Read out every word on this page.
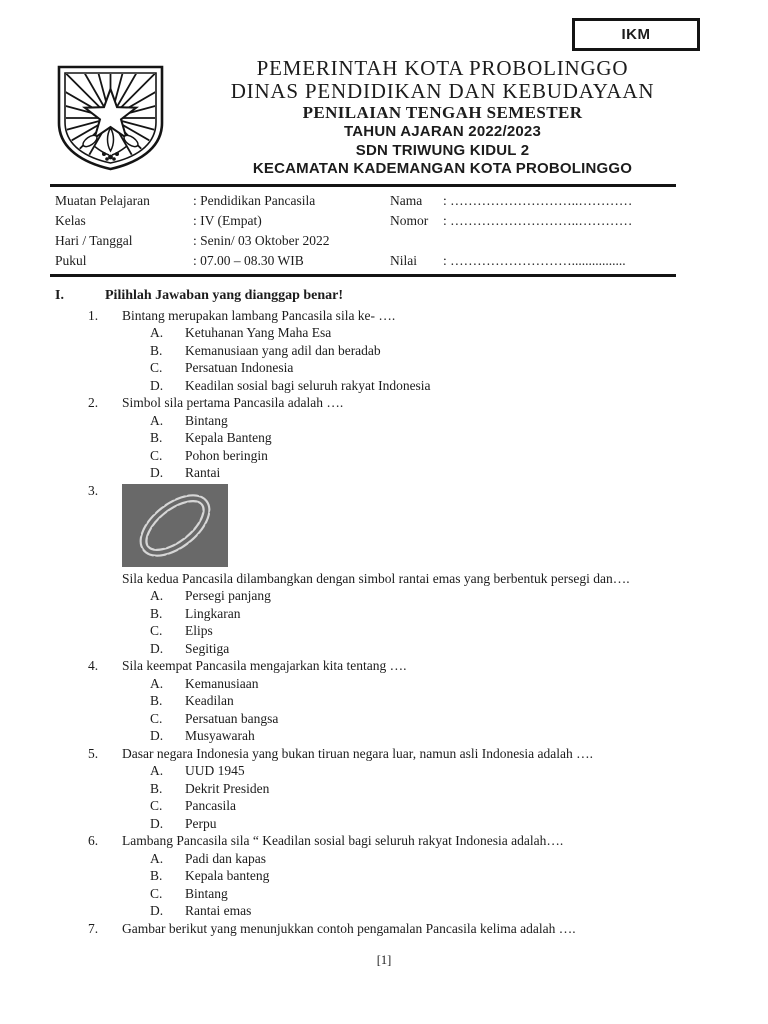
IKM
PEMERINTAH KOTA PROBOLINGGO
DINAS PENDIDIKAN DAN KEBUDAYAAN
PENILAIAN TENGAH SEMESTER
TAHUN AJARAN 2022/2023
SDN TRIWUNG KIDUL 2
KECAMATAN KADEMANGAN KOTA PROBOLINGGO
Muatan Pelajaran	: Pendidikan Pancasila	Nama	: ………………………..…………
Kelas	: IV (Empat)	Nomor	: ………………………..…………
Hari / Tanggal	: Senin/ 03 Oktober 2022
Pukul	: 07.00 – 08.30 WIB	Nilai	: ………………………................
I.	Pilihlah Jawaban yang dianggap benar!
1.	Bintang merupakan lambang Pancasila sila ke- ….
A.	Ketuhanan Yang Maha Esa
B.	Kemanusiaan yang adil dan beradab
C.	Persatuan Indonesia
D.	Keadilan sosial bagi seluruh rakyat Indonesia
2.	Simbol sila pertama Pancasila adalah ….
A.	Bintang
B.	Kepala Banteng
C.	Pohon beringin
D.	Rantai
3.
Sila kedua Pancasila dilambangkan dengan simbol rantai emas yang berbentuk persegi dan….
A.	Persegi panjang
B.	Lingkaran
C.	Elips
D.	Segitiga
4.	Sila keempat Pancasila mengajarkan kita tentang ….
A.	Kemanusiaan
B.	Keadilan
C.	Persatuan bangsa
D.	Musyawarah
5.	Dasar negara Indonesia yang bukan tiruan negara luar, namun asli Indonesia adalah ….
A.	UUD 1945
B.	Dekrit Presiden
C.	Pancasila
D.	Perpu
6.	Lambang Pancasila sila “ Keadilan sosial bagi seluruh rakyat Indonesia adalah….
A.	Padi dan kapas
B.	Kepala banteng
C.	Bintang
D.	Rantai emas
7.	Gambar berikut yang menunjukkan contoh pengamalan Pancasila kelima adalah ….
[1]
